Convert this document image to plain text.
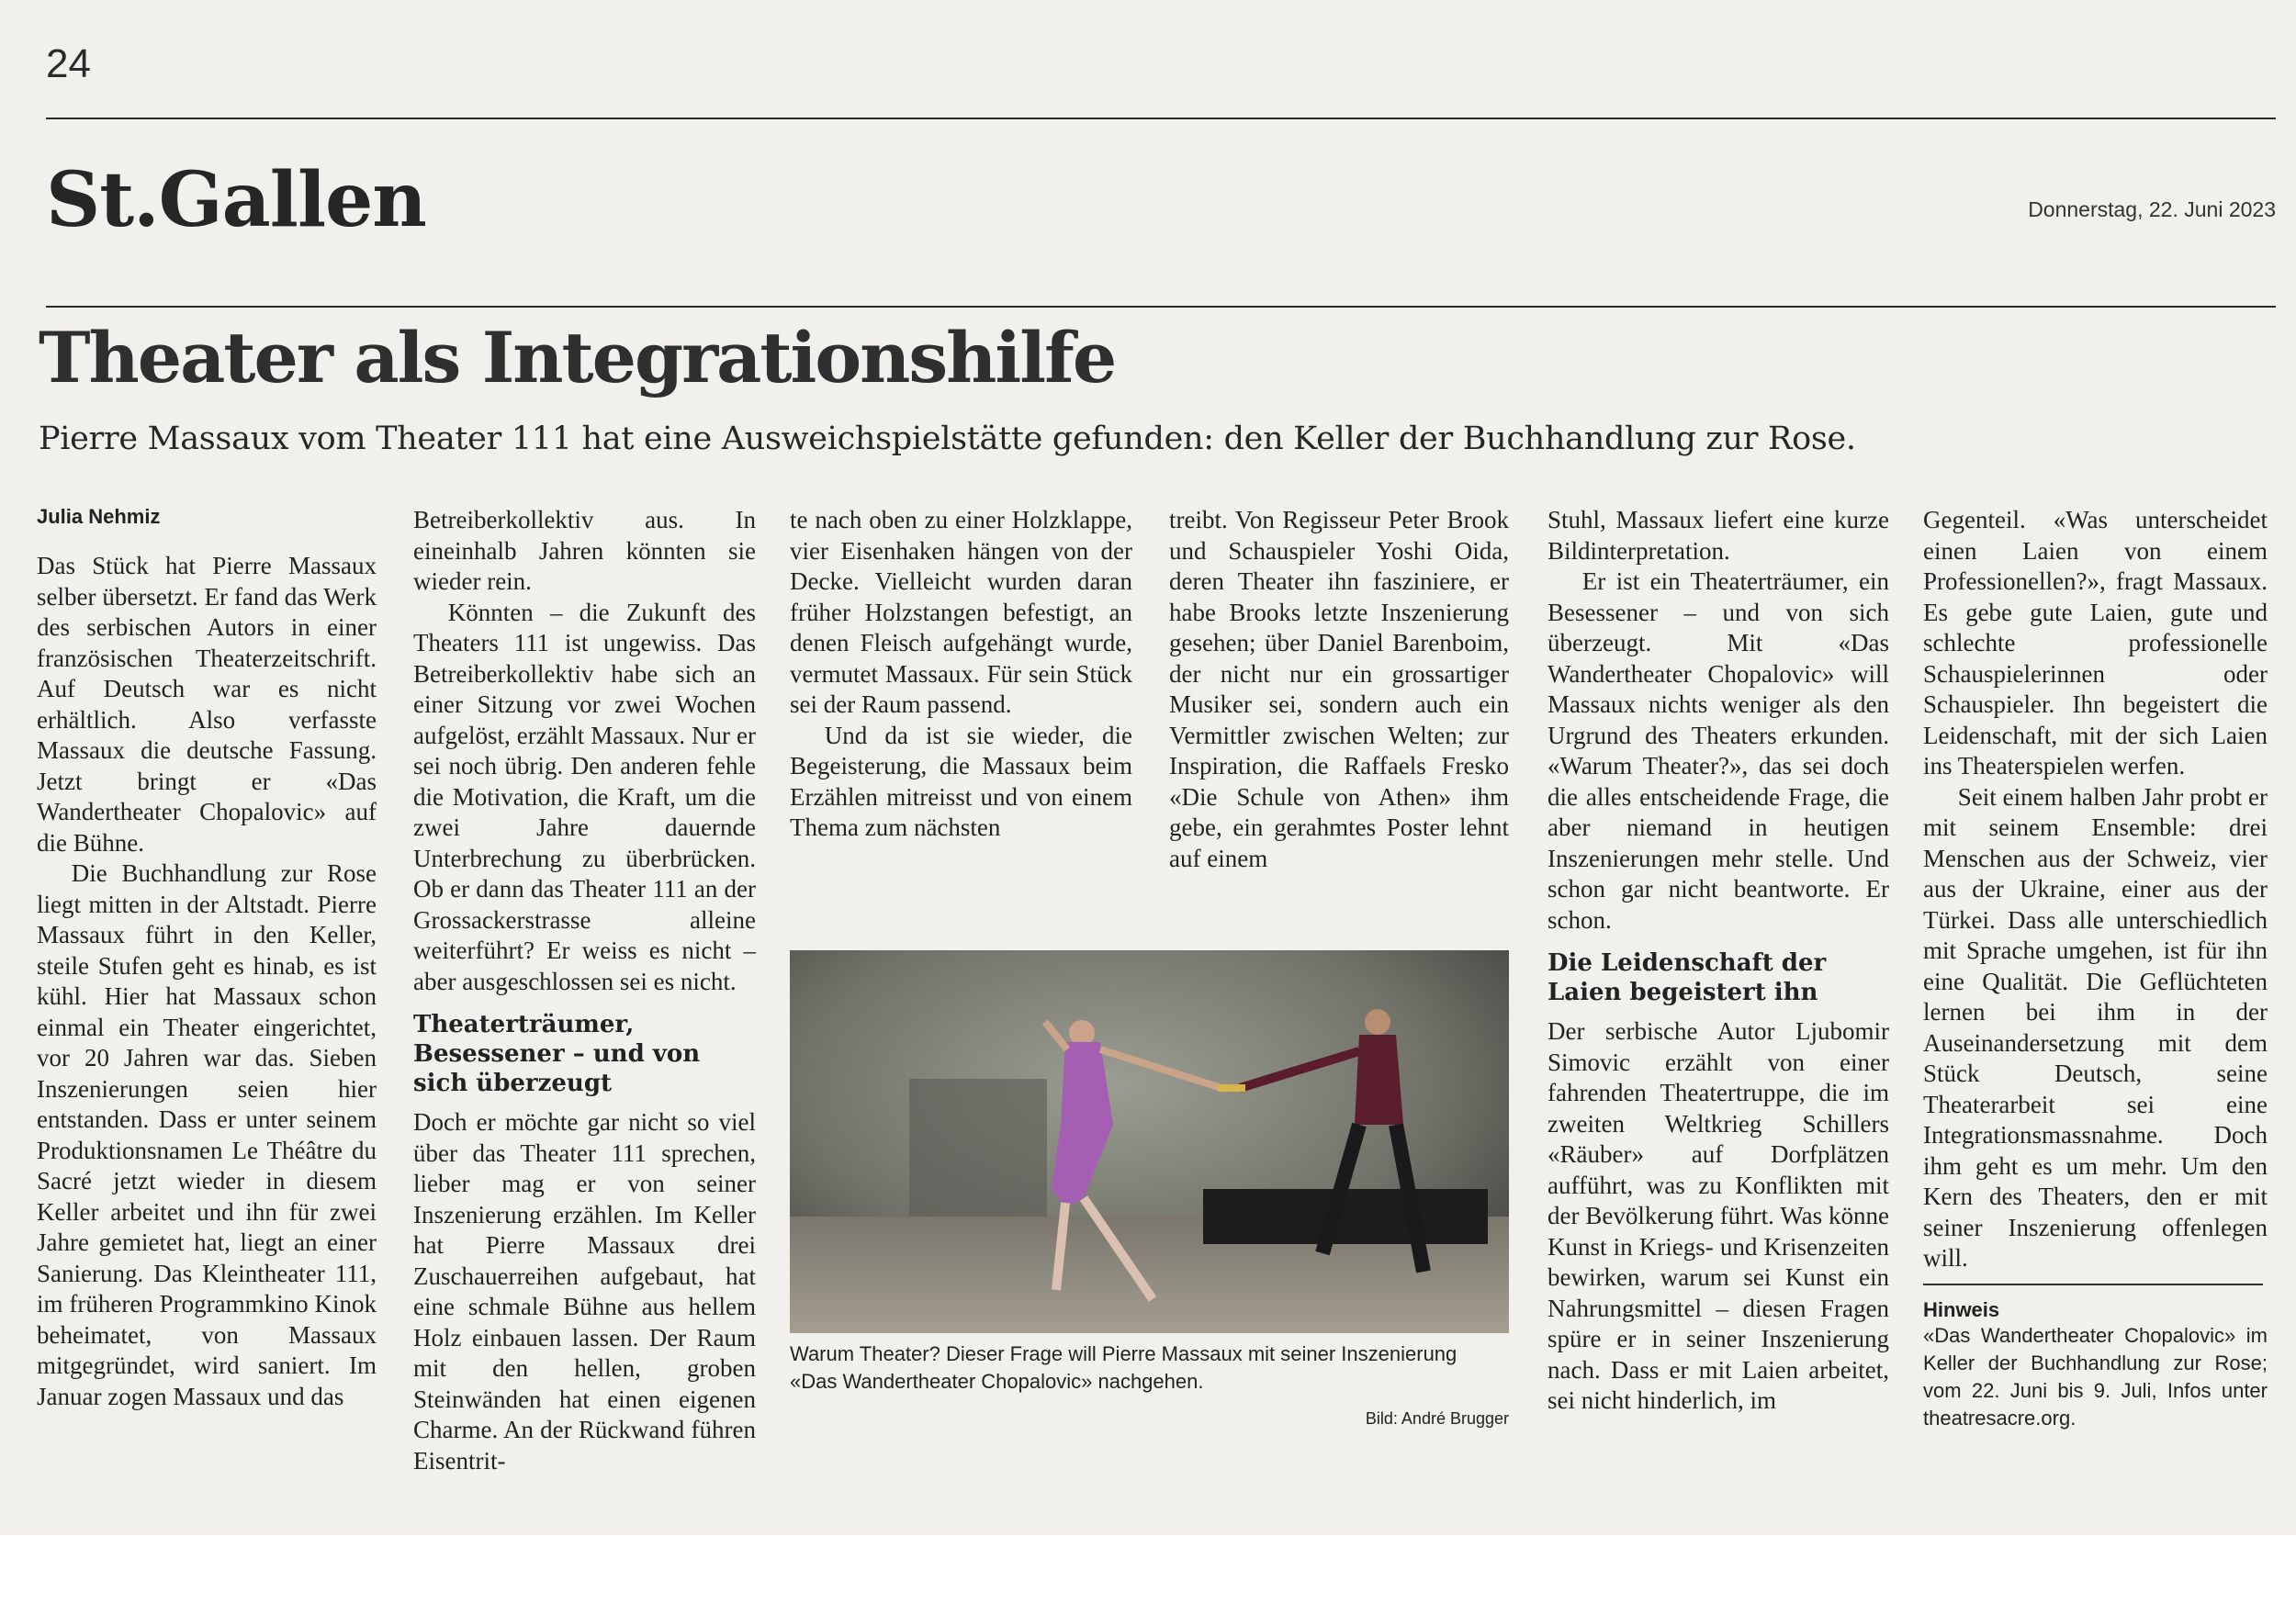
24
St.Gallen	Donnerstag, 22. Juni 2023
Theater als Integrationshilfe
Pierre Massaux vom Theater 111 hat eine Ausweichspielstätte gefunden: den Keller der Buchhandlung zur Rose.
Julia Nehmiz

Das Stück hat Pierre Massaux selber übersetzt. Er fand das Werk des serbischen Autors in einer französischen Theaterzeitschrift. Auf Deutsch war es nicht erhältlich. Also verfasste Massaux die deutsche Fassung. Jetzt bringt er «Das Wandertheater Chopalovic» auf die Bühne.

Die Buchhandlung zur Rose liegt mitten in der Altstadt. Pierre Massaux führt in den Keller, steile Stufen geht es hinab, es ist kühl. Hier hat Massaux schon einmal ein Theater eingerichtet, vor 20 Jahren war das. Sieben Inszenierungen seien hier entstanden. Dass er unter seinem Produktionsnamen Le Théâtre du Sacré jetzt wieder in diesem Keller arbeitet und ihn für zwei Jahre gemietet hat, liegt an einer Sanierung. Das Kleintheater 111, im früheren Programmkino Kinok beheimatet, von Massaux mitgegründet, wird saniert. Im Januar zogen Massaux und das

Betreiberkollektiv aus. In eineinhalb Jahren könnten sie wieder rein.

Könnten – die Zukunft des Theaters 111 ist ungewiss. Das Betreiberkollektiv habe sich an einer Sitzung vor zwei Wochen aufgelöst, erzählt Massaux. Nur er sei noch übrig. Den anderen fehle die Motivation, die Kraft, um die zwei Jahre dauernde Unterbrechung zu überbrücken. Ob er dann das Theater 111 an der Grossackerstrasse alleine weiterführt? Er weiss es nicht – aber ausgeschlossen sei es nicht.

Theaterträumer, Besessener – und von sich überzeugt

Doch er möchte gar nicht so viel über das Theater 111 sprechen, lieber mag er von seiner Inszenierung erzählen. Im Keller hat Pierre Massaux drei Zuschauerreihen aufgebaut, hat eine schmale Bühne aus hellem Holz einbauen lassen. Der Raum mit den hellen, groben Steinwänden hat einen eigenen Charme. An der Rückwand führen Eisentrit-

te nach oben zu einer Holzklappe, vier Eisenhaken hängen von der Decke. Vielleicht wurden daran früher Holzstangen befestigt, an denen Fleisch aufgehängt wurde, vermutet Massaux. Für sein Stück sei der Raum passend.

Und da ist sie wieder, die Begeisterung, die Massaux beim Erzählen mitreisst und von einem Thema zum nächsten

treibt. Von Regisseur Peter Brook und Schauspieler Yoshi Oida, deren Theater ihn fasziniere, er habe Brooks letzte Inszenierung gesehen; über Daniel Barenboim, der nicht nur ein grossartiger Musiker sei, sondern auch ein Vermittler zwischen Welten; zur Inspiration, die Raffaels Fresko «Die Schule von Athen» ihm gebe, ein gerahmtes Poster lehnt auf einem

Stuhl, Massaux liefert eine kurze Bildinterpretation.

Er ist ein Theaterträumer, ein Besessener – und von sich überzeugt. Mit «Das Wandertheater Chopalovic» will Massaux nichts weniger als den Urgrund des Theaters erkunden. «Warum Theater?», das sei doch die alles entscheidende Frage, die aber niemand in heutigen Inszenierungen mehr stelle. Und schon gar nicht beantworte. Er schon.

Die Leidenschaft der Laien begeistert ihn

Der serbische Autor Ljubomir Simovic erzählt von einer fahrenden Theatertruppe, die im zweiten Weltkrieg Schillers «Räuber» auf Dorfplätzen aufführt, was zu Konflikten mit der Bevölkerung führt. Was könne Kunst in Kriegs- und Krisenzeiten bewirken, warum sei Kunst ein Nahrungsmittel – diesen Fragen spüre er in seiner Inszenierung nach. Dass er mit Laien arbeitet, sei nicht hinderlich, im

Gegenteil. «Was unterscheidet einen Laien von einem Professionellen?», fragt Massaux. Es gebe gute Laien, gute und schlechte professionelle Schauspielerinnen oder Schauspieler. Ihn begeistert die Leidenschaft, mit der sich Laien ins Theaterspielen werfen.

Seit einem halben Jahr probt er mit seinem Ensemble: drei Menschen aus der Schweiz, vier aus der Ukraine, einer aus der Türkei. Dass alle unterschiedlich mit Sprache umgehen, ist für ihn eine Qualität. Die Geflüchteten lernen bei ihm in der Auseinandersetzung mit dem Stück Deutsch, seine Theaterarbeit sei eine Integrationsmassnahme. Doch ihm geht es um mehr. Um den Kern des Theaters, den er mit seiner Inszenierung offenlegen will.

Hinweis
«Das Wandertheater Chopalovic» im Keller der Buchhandlung zur Rose; vom 22. Juni bis 9. Juli, Infos unter theatresacre.org.
Warum Theater? Dieser Frage will Pierre Massaux mit seiner Inszenierung «Das Wandertheater Chopalovic» nachgehen.
Bild: André Brugger
